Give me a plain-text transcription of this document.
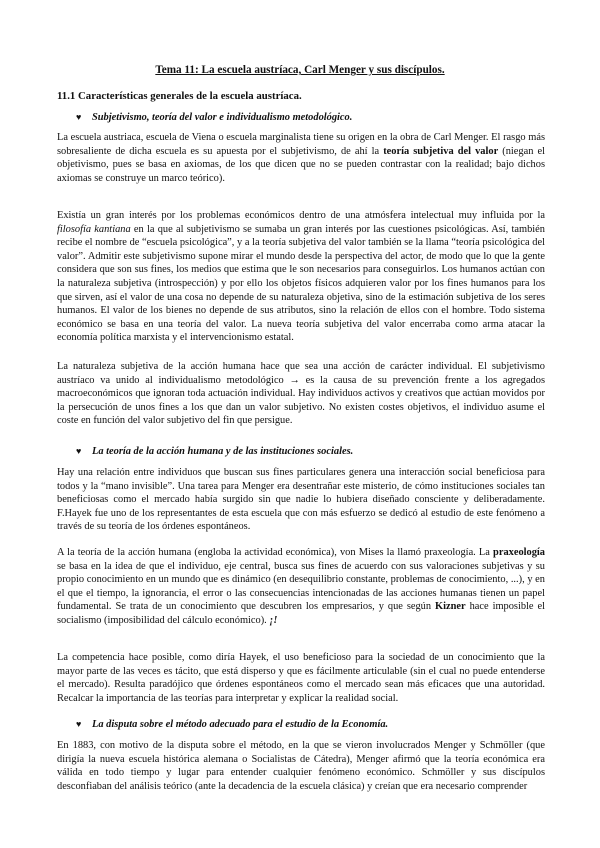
Tema 11: La escuela austríaca, Carl Menger y sus discípulos.
11.1 Características generales de la escuela austríaca.
♥ Subjetivismo, teoría del valor e individualismo metodológico.

La escuela austriaca, escuela de Viena o escuela marginalista tiene su origen en la obra de Carl Menger. El rasgo más sobresaliente de dicha escuela es su apuesta por el subjetivismo, de ahí la teoría subjetiva del valor (niegan el objetivismo, pues se basa en axiomas, de los que dicen que no se pueden contrastar con la realidad; bajo dichos axiomas se construye un marco teórico).

Existía un gran interés por los problemas económicos dentro de una atmósfera intelectual muy influida por la filosofía kantiana en la que al subjetivismo se sumaba un gran interés por las cuestiones psicológicas. Así, también recibe el nombre de “escuela psicológica”, y a la teoría subjetiva del valor también se la llama “teoría psicológica del valor”. Admitir este subjetivismo supone mirar el mundo desde la perspectiva del actor, de modo que lo que la gente considera que son sus fines, los medios que estima que le son necesarios para conseguirlos. Los humanos actúan con la naturaleza subjetiva (introspección) y por ello los objetos físicos adquieren valor por los fines humanos para los que sirven, así el valor de una cosa no depende de su naturaleza objetiva, sino de la estimación subjetiva de los seres humanos. El valor de los bienes no depende de sus atributos, sino la relación de ellos con el hombre. Todo sistema económico se basa en una teoría del valor. La nueva teoría subjetiva del valor encerraba como arma atacar la economía política marxista y el intervencionismo estatal.

La naturaleza subjetiva de la acción humana hace que sea una acción de carácter individual. El subjetivismo austríaco va unido al individualismo metodológico → es la causa de su prevención frente a los agregados macroeconómicos que ignoran toda actuación individual. Hay individuos activos y creativos que actúan movidos por la persecución de unos fines a los que dan un valor subjetivo. No existen costes objetivos, el individuo asume el coste en función del valor subjetivo del fin que persigue.

♥ La teoría de la acción humana y de las instituciones sociales.

Hay una relación entre individuos que buscan sus fines particulares genera una interacción social beneficiosa para todos y la “mano invisible”. Una tarea para Menger era desentrañar este misterio, de cómo instituciones sociales tan beneficiosas como el mercado había surgido sin que nadie lo hubiera diseñado consciente y deliberadamente. F.Hayek fue uno de los representantes de esta escuela que con más esfuerzo se dedicó al estudio de este fenómeno a través de su teoría de los órdenes espontáneos.

A la teoría de la acción humana (engloba la actividad económica), von Mises la llamó praxeología. La praxeología se basa en la idea de que el individuo, eje central, busca sus fines de acuerdo con sus valoraciones subjetivas y su propio conocimiento en un mundo que es dinámico (en desequilibrio constante, problemas de conocimiento, ...), y en el que el tiempo, la ignorancia, el error o las consecuencias intencionadas de las acciones humanas tienen un papel fundamental. Se trata de un conocimiento que descubren los empresarios, y que según Kizner hace imposible el socialismo (imposibilidad del cálculo económico). ¡!

La competencia hace posible, como diría Hayek, el uso beneficioso para la sociedad de un conocimiento que la mayor parte de las veces es tácito, que está disperso y que es fácilmente articulable (sin el cual no puede entenderse el mercado). Resulta paradójico que órdenes espontáneos como el mercado sean más eficaces que una autoridad. Recalcar la importancia de las teorías para interpretar y explicar la realidad social.

♥ La disputa sobre el método adecuado para el estudio de la Economía.

En 1883, con motivo de la disputa sobre el método, en la que se vieron involucrados Menger y Schmöller (que dirigía la nueva escuela histórica alemana o Socialistas de Cátedra), Menger afirmó que la teoría económica era válida en todo tiempo y lugar para entender cualquier fenómeno económico. Schmöller y sus discípulos desconfiaban del análisis teórico (ante la decadencia de la escuela clásica) y creían que era necesario comprender
